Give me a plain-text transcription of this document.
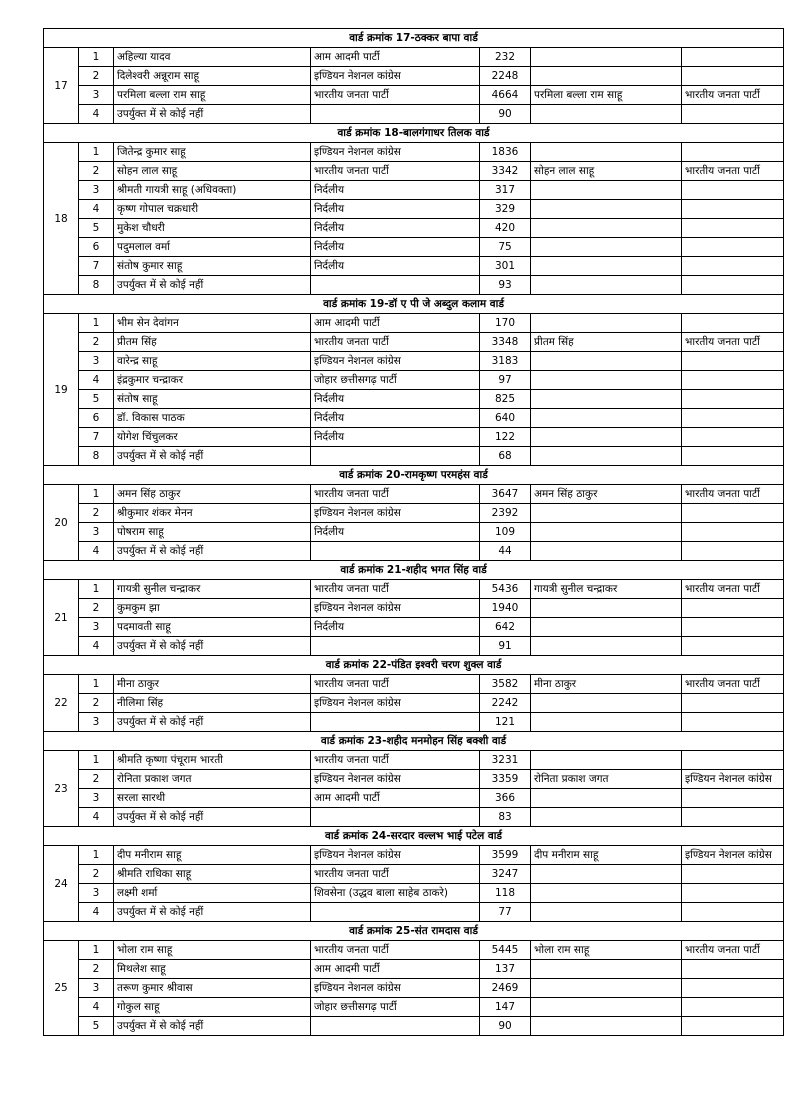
वार्ड क्रमांक 17-ठक्कर बापा वार्ड						
17	1	अहिल्या यादव	आम आदमी पार्टी	232		
	2	दिलेश्वरी अन्नूराम साहू	इण्डियन नेशनल कांग्रेस	2248		
	3	परमिला बल्ला राम साहू	भारतीय जनता पार्टी	4664	परमिला बल्ला राम साहू	भारतीय जनता पार्टी
	4	उपर्युक्त में से कोई नहीं		90		
वार्ड क्रमांक 18-बालगंगाधर तिलक वार्ड						
18	1	जितेन्द्र कुमार साहू	इण्डियन नेशनल कांग्रेस	1836		
	2	सोहन लाल साहू	भारतीय जनता पार्टी	3342	सोहन लाल साहू	भारतीय जनता पार्टी
	3	श्रीमती गायत्री साहू (अधिवक्ता)	निर्दलीय	317		
	4	कृष्ण गोपाल चक्रधारी	निर्दलीय	329		
	5	मुकेश चौधरी	निर्दलीय	420		
	6	पदुमलाल वर्मा	निर्दलीय	75		
	7	संतोष कुमार साहू	निर्दलीय	301		
	8	उपर्युक्त में से कोई नहीं		93		
वार्ड क्रमांक 19-डॉ ए पी जे अब्दुल कलाम वार्ड						
19	1	भीम सेन देवांगन	आम आदमी पार्टी	170		
	2	प्रीतम सिंह	भारतीय जनता पार्टी	3348	प्रीतम सिंह	भारतीय जनता पार्टी
	3	वारेन्द्र साहू	इण्डियन नेशनल कांग्रेस	3183		
	4	इंद्रकुमार चन्द्राकर	जोहार छत्तीसगढ़ पार्टी	97		
	5	संतोष साहू	निर्दलीय	825		
	6	डॉ. विकास पाठक	निर्दलीय	640		
	7	योगेश चिंचुलकर	निर्दलीय	122		
	8	उपर्युक्त में से कोई नहीं		68		
वार्ड क्रमांक 20-रामकृष्ण परमहंस वार्ड						
20	1	अमन सिंह ठाकुर	भारतीय जनता पार्टी	3647	अमन सिंह ठाकुर	भारतीय जनता पार्टी
	2	श्रीकुमार शंकर मेनन	इण्डियन नेशनल कांग्रेस	2392		
	3	पोषराम साहू	निर्दलीय	109		
	4	उपर्युक्त में से कोई नहीं		44		
वार्ड क्रमांक 21-शहीद भगत सिंह वार्ड						
21	1	गायत्री सुनील चन्द्राकर	भारतीय जनता पार्टी	5436	गायत्री सुनील चन्द्राकर	भारतीय जनता पार्टी
	2	कुमकुम झा	इण्डियन नेशनल कांग्रेस	1940		
	3	पदमावती साहू	निर्दलीय	642		
	4	उपर्युक्त में से कोई नहीं		91		
वार्ड क्रमांक 22-पंडित इश्वरी चरण शुक्ल वार्ड						
22	1	मीना ठाकुर	भारतीय जनता पार्टी	3582	मीना ठाकुर	भारतीय जनता पार्टी
	2	नीलिमा सिंह	इण्डियन नेशनल कांग्रेस	2242		
	3	उपर्युक्त में से कोई नहीं		121		
वार्ड क्रमांक 23-शहीद मनमोहन सिंह बक्शी वार्ड						
23	1	श्रीमति कृष्णा पंचूराम भारती	भारतीय जनता पार्टी	3231		
	2	रोनिता प्रकाश जगत	इण्डियन नेशनल कांग्रेस	3359	रोनिता प्रकाश जगत	इण्डियन नेशनल कांग्रेस
	3	सरला सारथी	आम आदमी पार्टी	366		
	4	उपर्युक्त में से कोई नहीं		83		
वार्ड क्रमांक 24-सरदार वल्लभ भाई पटेल वार्ड						
24	1	दीप मनीराम साहू	इण्डियन नेशनल कांग्रेस	3599	दीप मनीराम साहू	इण्डियन नेशनल कांग्रेस
	2	श्रीमति राधिका साहू	भारतीय जनता पार्टी	3247		
	3	लक्ष्मी शर्मा	शिवसेना (उद्धव बाला साहेब ठाकरे)	118		
	4	उपर्युक्त में से कोई नहीं		77		
वार्ड क्रमांक 25-संत रामदास वार्ड						
25	1	भोला राम साहू	भारतीय जनता पार्टी	5445	भोला राम साहू	भारतीय जनता पार्टी
	2	मिथलेश साहू	आम आदमी पार्टी	137		
	3	तरूण कुमार श्रीवास	इण्डियन नेशनल कांग्रेस	2469		
	4	गोकुल साहू	जोहार छत्तीसगढ़ पार्टी	147		
	5	उपर्युक्त में से कोई नहीं		90		
